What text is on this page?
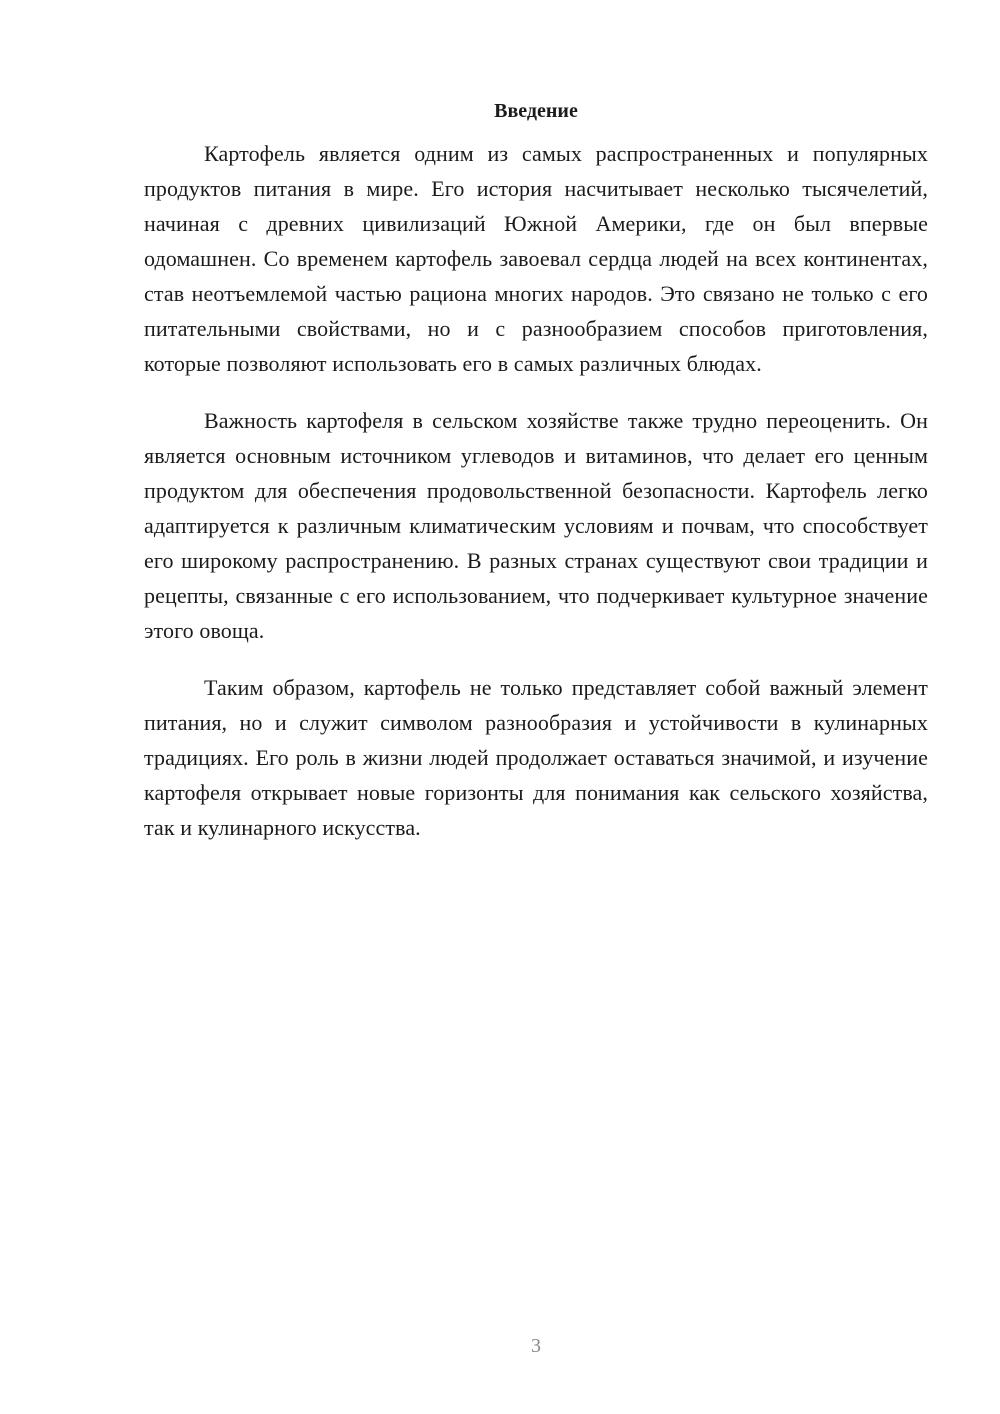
Введение

Картофель является одним из самых распространенных и популярных продуктов питания в мире. Его история насчитывает несколько тысячелетий, начиная с древних цивилизаций Южной Америки, где он был впервые одомашнен. Со временем картофель завоевал сердца людей на всех континентах, став неотъемлемой частью рациона многих народов. Это связано не только с его питательными свойствами, но и с разнообразием способов приготовления, которые позволяют использовать его в самых различных блюдах.

Важность картофеля в сельском хозяйстве также трудно переоценить. Он является основным источником углеводов и витаминов, что делает его ценным продуктом для обеспечения продовольственной безопасности. Картофель легко адаптируется к различным климатическим условиям и почвам, что способствует его широкому распространению. В разных странах существуют свои традиции и рецепты, связанные с его использованием, что подчеркивает культурное значение этого овоща.

Таким образом, картофель не только представляет собой важный элемент питания, но и служит символом разнообразия и устойчивости в кулинарных традициях. Его роль в жизни людей продолжает оставаться значимой, и изучение картофеля открывает новые горизонты для понимания как сельского хозяйства, так и кулинарного искусства.

3
